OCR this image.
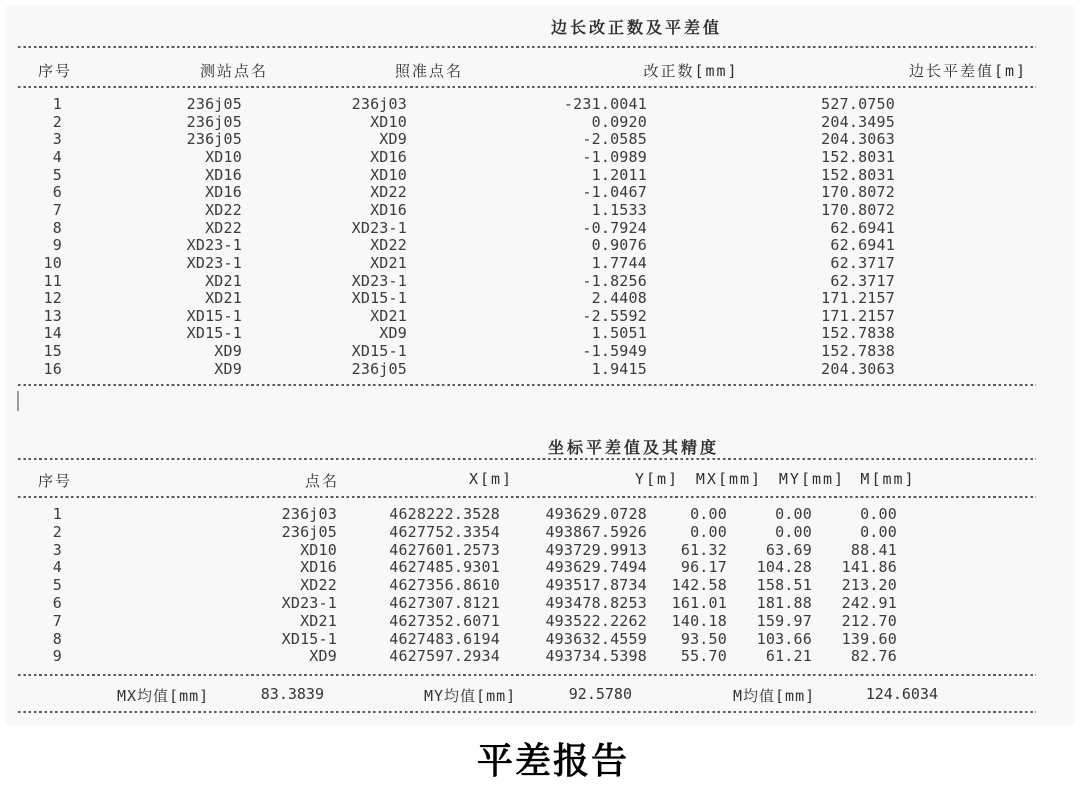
边长改正数及平差值
序号	测站点名	照准点名	改正数[mm]	边长平差值[m]
1	236j05	236j03	-231.0041	527.0750
2	236j05	XD10	0.0920	204.3495
3	236j05	XD9	-2.0585	204.3063
4	XD10	XD16	-1.0989	152.8031
5	XD16	XD10	1.2011	152.8031
6	XD16	XD22	-1.0467	170.8072
7	XD22	XD16	1.1533	170.8072
8	XD22	XD23-1	-0.7924	62.6941
9	XD23-1	XD22	0.9076	62.6941
10	XD23-1	XD21	1.7744	62.3717
11	XD21	XD23-1	-1.8256	62.3717
12	XD21	XD15-1	2.4408	171.2157
13	XD15-1	XD21	-2.5592	171.2157
14	XD15-1	XD9	1.5051	152.7838
15	XD9	XD15-1	-1.5949	152.7838
16	XD9	236j05	1.9415	204.3063
坐标平差值及其精度
序号	点名	X[m]	Y[m] MX[mm] MY[mm] M[mm]
1	236j03	4628222.3528	493629.0728	0.00	0.00	0.00
2	236j05	4627752.3354	493867.5926	0.00	0.00	0.00
3	XD10	4627601.2573	493729.9913 61.32	63.69	88.41
4	XD16	4627485.9301	493629.7494 96.17 104.28 141.86
5	XD22	4627356.8610	493517.8734 142.58 158.51 213.20
6	XD23-1	4627307.8121	493478.8253 161.01 181.88 242.91
7	XD21	4627352.6071	493522.2262 140.18 159.97 212.70
8	XD15-1	4627483.6194	493632.4559 93.50 103.66 139.60
9	XD9	4627597.2934	493734.5398 55.70	61.21	82.76
MX均值[mm]	83.3839	MY均值[mm]	92.5780	M均值[mm]	124.6034
平差报告
